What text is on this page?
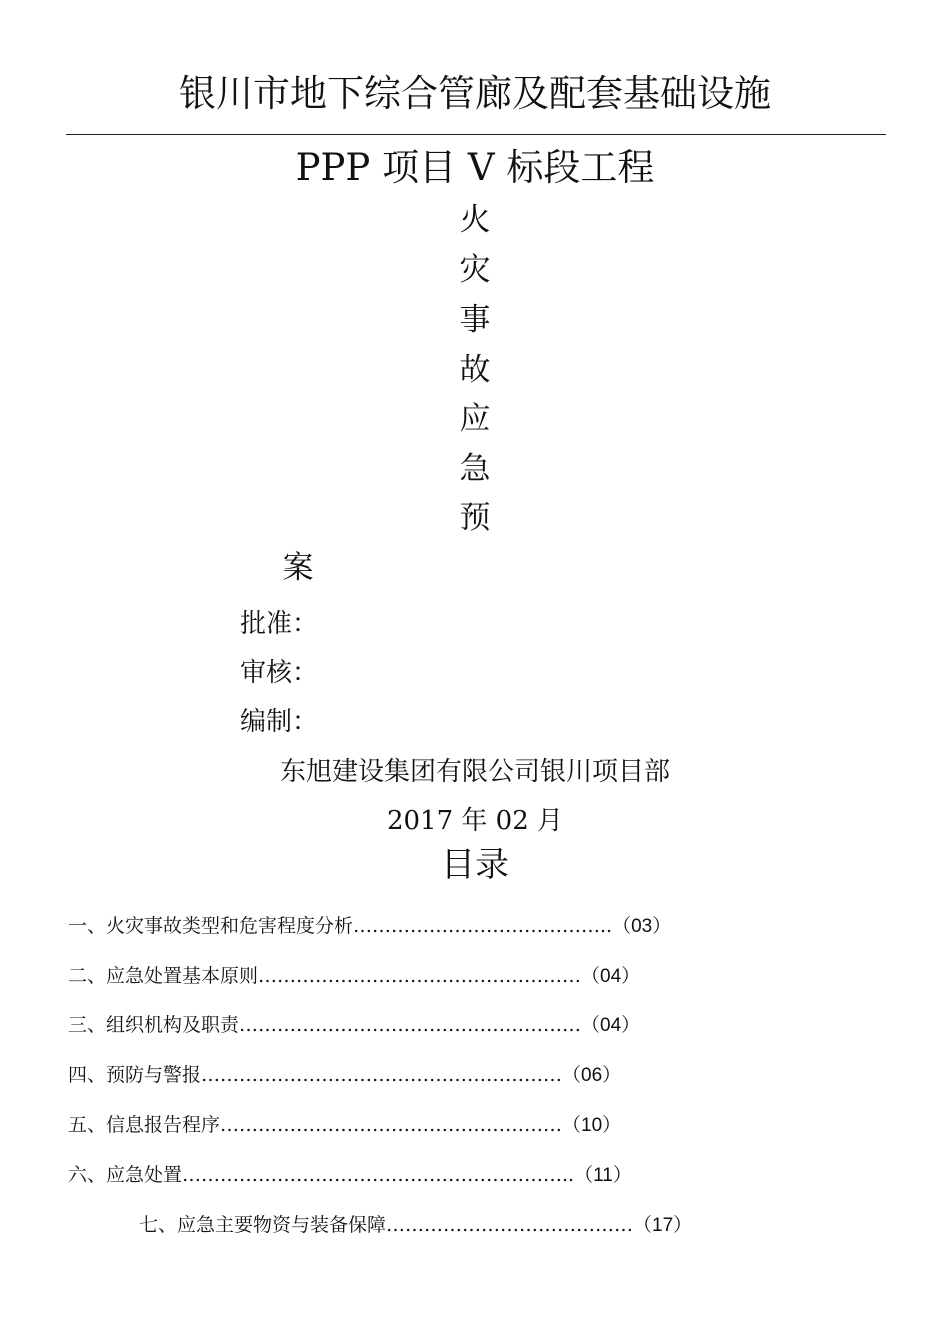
银川市地下综合管廊及配套基础设施
PPP 项目 V 标段工程
火
灾
事
故
应
急
预
案
批准：
审核：
编制：
东旭建设集团有限公司银川项目部
2017 年 02 月
目录
一、火灾事故类型和危害程度分析…………………………………..（03）
二、应急处置基本原则……………………………………………（04）
三、组织机构及职责………………………………………………（04）
四、预防与警报…………………………………………………（06）
五、信息报告程序………………………………………………（10）
六、应急处置……………………………………………………..（11）
七、应急主要物资与装备保障…………………………………（17）
